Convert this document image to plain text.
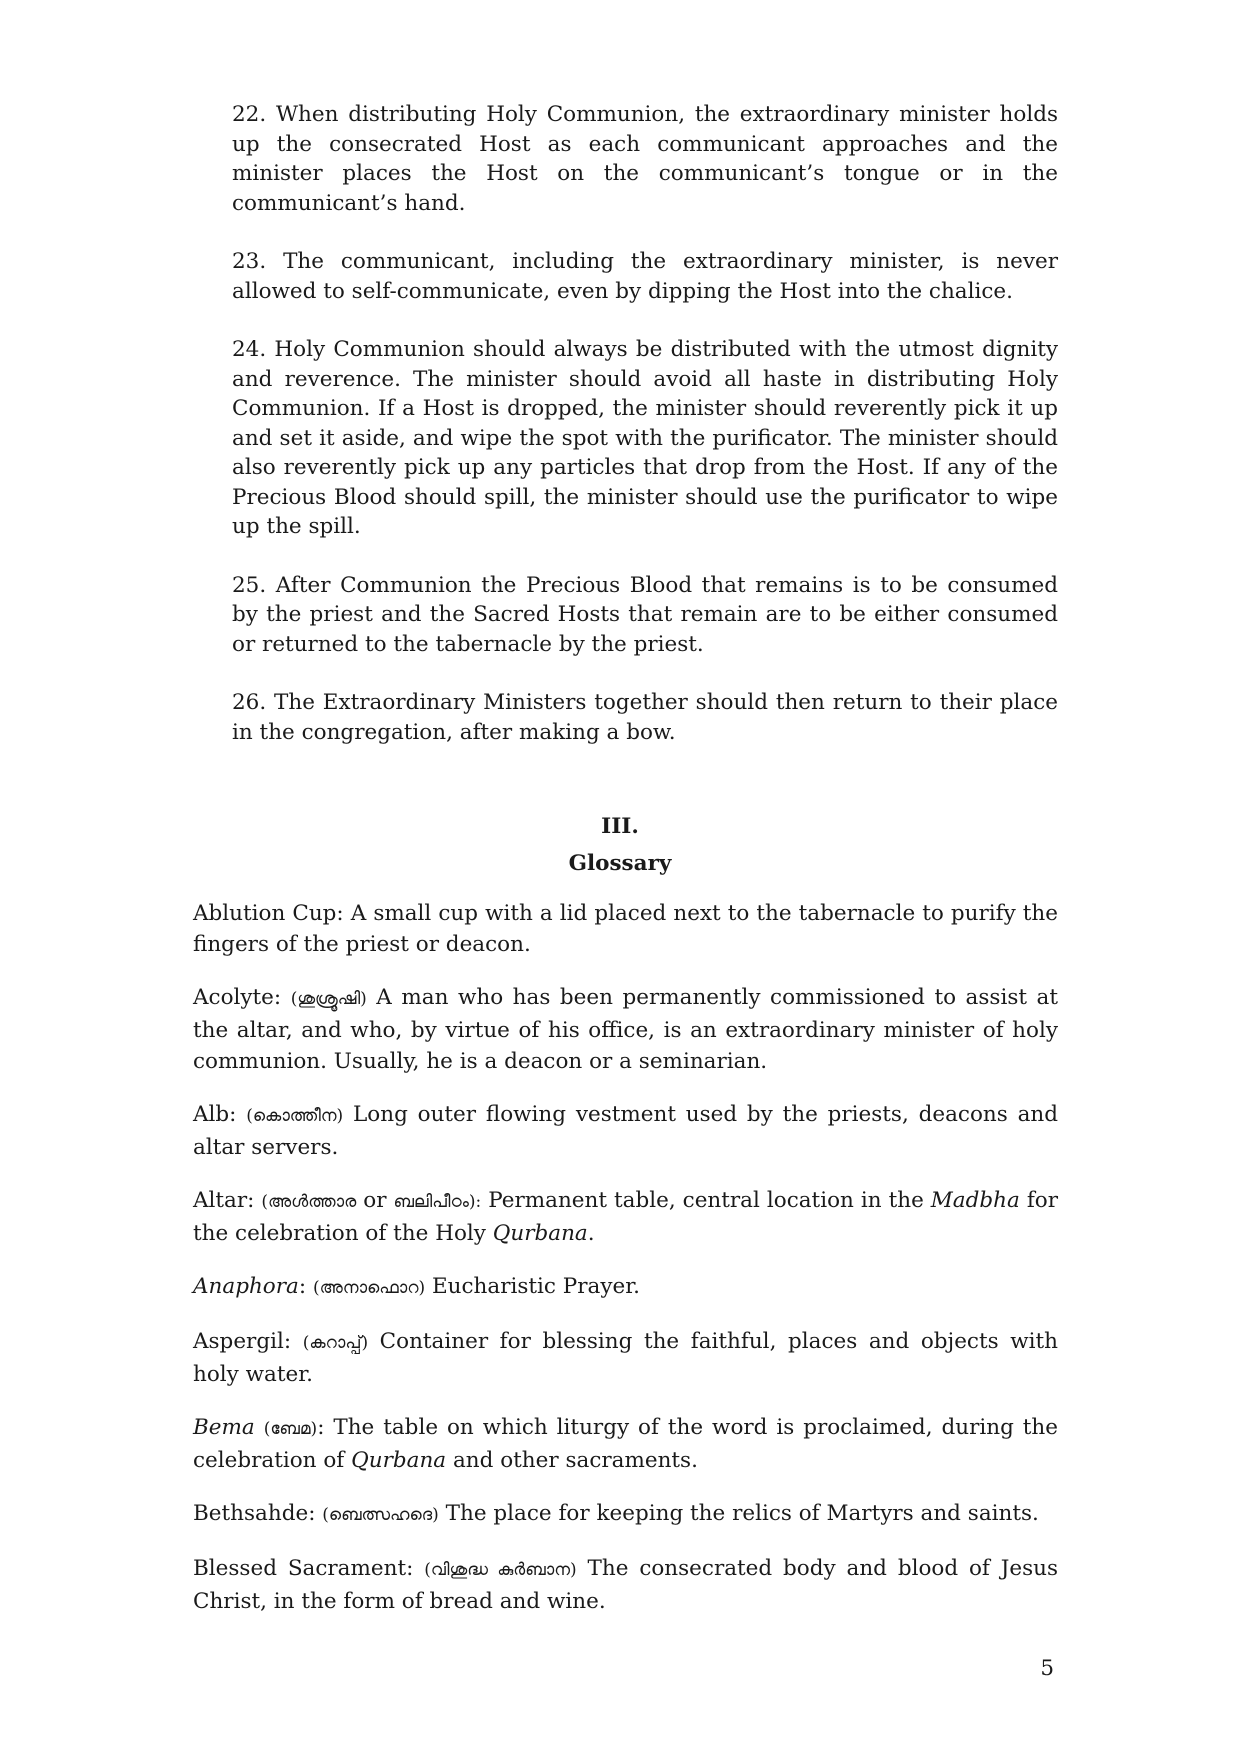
22. When distributing Holy Communion, the extraordinary minister holds up the consecrated Host as each communicant approaches and the minister places the Host on the communicant’s tongue or in the communicant’s hand.

23. The communicant, including the extraordinary minister, is never allowed to self-communicate, even by dipping the Host into the chalice.

24. Holy Communion should always be distributed with the utmost dignity and reverence. The minister should avoid all haste in distributing Holy Communion. If a Host is dropped, the minister should reverently pick it up and set it aside, and wipe the spot with the purificator. The minister should also reverently pick up any particles that drop from the Host. If any of the Precious Blood should spill, the minister should use the purificator to wipe up the spill.

25. After Communion the Precious Blood that remains is to be consumed by the priest and the Sacred Hosts that remain are to be either consumed or returned to the tabernacle by the priest.

26. The Extraordinary Ministers together should then return to their place in the congregation, after making a bow.

III.
Glossary

Ablution Cup: A small cup with a lid placed next to the tabernacle to purify the fingers of the priest or deacon.

Acolyte: (ശുശ്രൂഷി) A man who has been permanently commissioned to assist at the altar, and who, by virtue of his office, is an extraordinary minister of holy communion. Usually, he is a deacon or a seminarian.

Alb: (കൊത്തീന) Long outer flowing vestment used by the priests, deacons and altar servers.

Altar: (അൾത്താര or ബലിപീഠം): Permanent table, central location in the Madbha for the celebration of the Holy Qurbana.

Anaphora: (അനാഫൊറ) Eucharistic Prayer.

Aspergil: (കറാപ്പ്) Container for blessing the faithful, places and objects with holy water.

Bema (ബേമ): The table on which liturgy of the word is proclaimed, during the celebration of Qurbana and other sacraments.

Bethsahde: (ബെത്സഹദെ) The place for keeping the relics of Martyrs and saints.

Blessed Sacrament: (വിശുദ്ധ കുർബാന) The consecrated body and blood of Jesus Christ, in the form of bread and wine.

5
